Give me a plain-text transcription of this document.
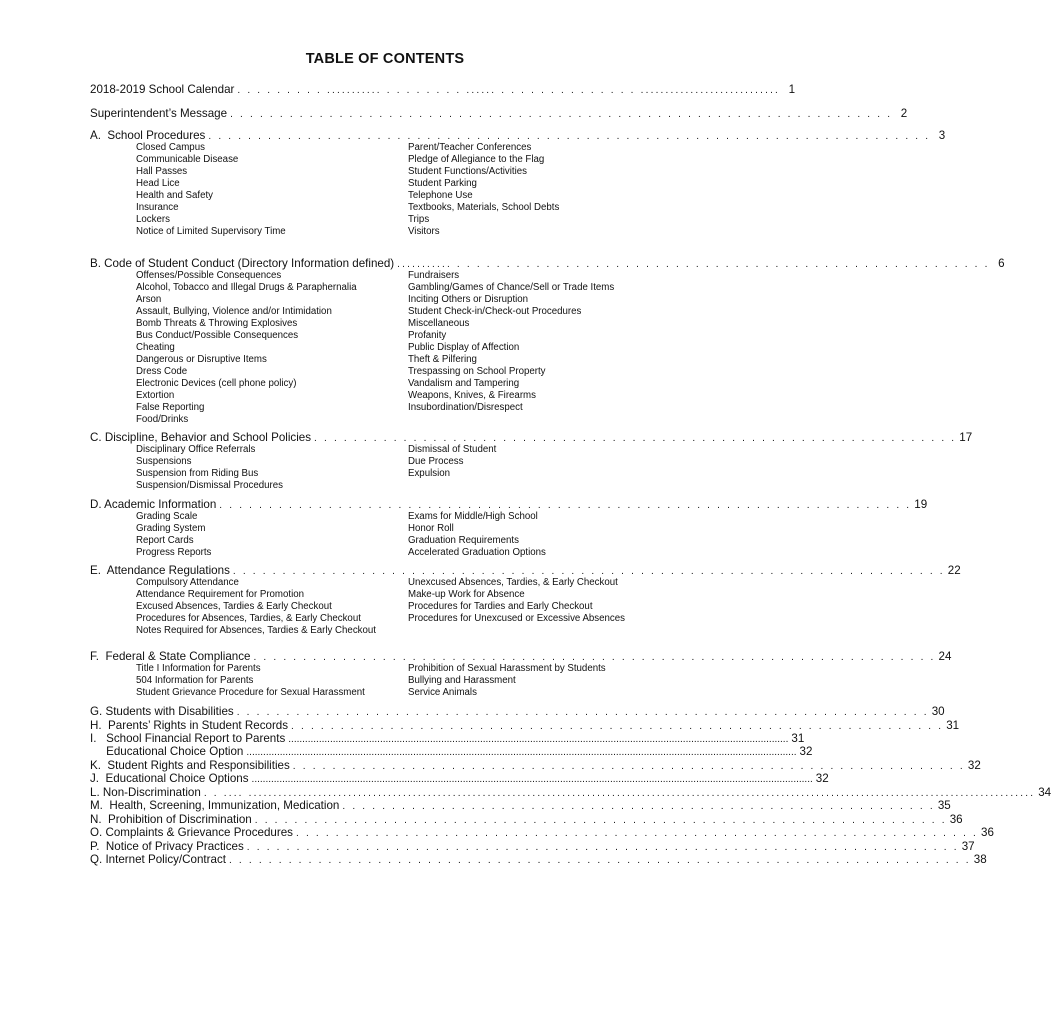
TABLE OF CONTENTS
2018-2019 School Calendar . . . . . . . . . ........... . . . . . . . . ...... . . . . . . . . . . . . . . ............................ 1
Superintendent’s Message . . . . . . . . . . . . . . . . . . . . . . . . . . . . . . . . . . . . . . . . . . . . . . . . . . . . . . . . . . . . . . . . . . . 2
A.  School Procedures . . . . . . . . . . . . . . . . . . . . . . . . . . . . . . . . . . . . . . . . . . . . . . . . . . . . . . . . . . . . . . . . . . . . . . . . . 3
Closed Campus
Communicable Disease
Hall Passes
Head Lice
Health and Safety
Insurance
Lockers
Notice of Limited Supervisory Time
Parent/Teacher Conferences
Pledge of Allegiance to the Flag
Student Functions/Activities
Student Parking
Telephone Use
Textbooks, Materials, School Debts
Trips
Visitors
B. Code of Student Conduct (Directory Information defined) ........... . . . . . . . . . . . . . . . . . . . . . . . . . . . . . . . . . . . . . . . . . . . . . . . . . . . . . . 6
Offenses/Possible Consequences
Alcohol, Tobacco and Illegal Drugs & Paraphernalia
Arson
Assault, Bullying, Violence and/or Intimidation
Bomb Threats & Throwing Explosives
Bus Conduct/Possible Consequences
Cheating
Dangerous or Disruptive Items
Dress Code
Electronic Devices (cell phone policy)
Extortion
False Reporting
Food/Drinks
Fundraisers
Gambling/Games of Chance/Sell or Trade Items
Inciting Others or Disruption
Student Check-in/Check-out Procedures
Miscellaneous
Profanity
Public Display of Affection
Theft & Pilfering
Trespassing on School Property
Vandalism and Tampering
Weapons, Knives, & Firearms
Insubordination/Disrespect
C. Discipline, Behavior and School Policies . . . . . . . . . . . . . . . . . . . . . . . . . . . . . . . . . . . . . . . . . . . . . . . . . . . . . . . . . . . . . . . . . 17
Disciplinary Office Referrals
Suspensions
Suspension from Riding Bus
Suspension/Dismissal Procedures
Dismissal of Student
Due Process
Expulsion
D. Academic Information . . . . . . . . . . . . . . . . . . . . . . . . . . . . . . . . . . . . . . . . . . . . . . . . . . . . . . . . . . . . . . . . . . . . . . 19
Grading Scale
Grading System
Report Cards
Progress Reports
Exams for Middle/High School
Honor Roll
Graduation Requirements
Accelerated Graduation Options
E.  Attendance Regulations . . . . . . . . . . . . . . . . . . . . . . . . . . . . . . . . . . . . . . . . . . . . . . . . . . . . . . . . . . . . . . . . . . . . . . . . 22
Compulsory Attendance
Attendance Requirement for Promotion
Excused Absences, Tardies & Early Checkout
Procedures for Absences, Tardies, & Early Checkout
Notes Required for Absences, Tardies & Early Checkout
Unexcused Absences, Tardies, & Early Checkout
Make-up Work for Absence
Procedures for Tardies and Early Checkout
Procedures for Unexcused or Excessive Absences
F.  Federal & State Compliance . . . . . . . . . . . . . . . . . . . . . . . . . . . . . . . . . . . . . . . . . . . . . . . . . . . . . . . . . . . . . . . . . . . . . 24
Title I Information for Parents
504 Information for Parents
Student Grievance Procedure for Sexual Harassment
Prohibition of Sexual Harassment by Students
Bullying and Harassment
Service Animals
G. Students with Disabilities . . . . . . . . . . . . . . . . . . . . . . . . . . . . . . . . . . . . . . . . . . . . . . . . . . . . . . . . . . . . . . . . . . . . . . 30
H.  Parents’ Rights in Student Records . . . . . . . . . . . . . . . . . . . . . . . . . . . . . . . . . . . . . . . . . . . . . . . . . . . . . . . . . . . . . . . . . . 31
I.   School Financial Report to Parents .................................................................................................................................................................................... 31
Educational Choice Option ...................................................................................................................................................................................................... 32
K.  Student Rights and Responsibilities . . . . . . . . . . . . . . . . . . . . . . . . . . . . . . . . . . . . . . . . . . . . . . . . . . . . . . . . . . . . . . . . . . . . 32
J.  Educational Choice Options .......................................................................................................................................................................................................... 32
L. Non-Discrimination . . .... .............................................................................................................................................................. 34
M.  Health, Screening, Immunization, Medication . . . . . . . . . . . . . . . . . . . . . . . . . . . . . . . . . . . . . . . . . . . . . . . . . . . . . . . . . . . . 35
N.  Prohibition of Discrimination . . . . . . . . . . . . . . . . . . . . . . . . . . . . . . . . . . . . . . . . . . . . . . . . . . . . . . . . . . . . . . . . . . . . . . 36
O. Complaints & Grievance Procedures . . . . . . . . . . . . . . . . . . . . . . . . . . . . . . . . . . . . . . . . . . . . . . . . . . . . . . . . . . . . . . . . . . . . . 36
P.  Notice of Privacy Practices . . . . . . . . . . . . . . . . . . . . . . . . . . . . . . . . . . . . . . . . . . . . . . . . . . . . . . . . . . . . . . . . . . . . . . . . 37
Q. Internet Policy/Contract . . . . . . . . . . . . . . . . . . . . . . . . . . . . . . . . . . . . . . . . . . . . . . . . . . . . . . . . . . . . . . . . . . . . . . . . . . . 38
